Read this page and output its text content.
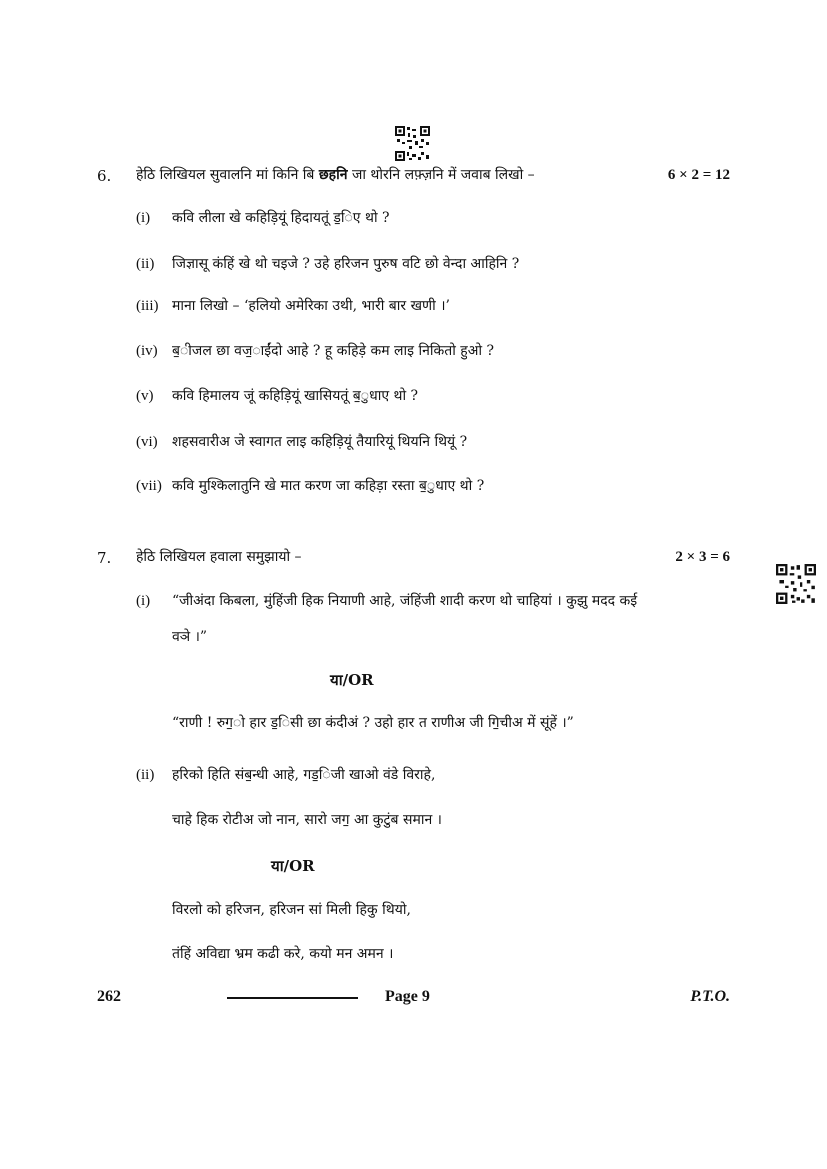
6. हेठि लिखियल सुवालनि मां किनि बि छहनि जा थोरनि लफ़्ज़नि में जवाब लिखो –	6 × 2 = 12
(i) कवि लीला खे कहिड़ियूं हिदायतूं ड॒िए थो ?
(ii) जिज्ञासू कंहिं खे थो चइजे ? उहे हरिजन पुरुष वटि छो वेन्दा आहिनि ?
(iii) माना लिखो – ‘हलियो अमेरिका उथी, भारी बार खणी ।’
(iv) ब॒ीजल छा वज॒ाईंदो आहे ? हू कहिड़े कम लाइ निकितो हुओ ?
(v) कवि हिमालय जूं कहिड़ियूं खासियतूं ब॒ुधाए थो ?
(vi) शहसवारीअ जे स्वागत लाइ कहिड़ियूं तैयारियूं थियनि थियूं ?
(vii) कवि मुश्किलातुनि खे मात करण जा कहिड़ा रस्ता ब॒ुधाए थो ?
7. हेठि लिखियल हवाला समुझायो –	2 × 3 = 6
(i) “जीअंदा किबला, मुंहिंजी हिक नियाणी आहे, जंहिंजी शादी करण थो चाहियां । कुझु मदद कई
वञे ।”
या/OR
“राणी ! रुग॒ो हार ड॒िसी छा कंदीअं ? उहो हार त राणीअ जी गि॒चीअ में सूंहें ।”
(ii) हरिको हिति संब॒न्धी आहे, गड॒िजी खाओ वंडे विराहे,
चाहे हिक रोटीअ जो नान, सारो जग॒ आ कुटुंब समान ।
या/OR
विरलो को हरिजन, हरिजन सां मिली हिकु थियो,
तंहिं अविद्या भ्रम कढी करे, कयो मन अमन ।
262	Page 9	P.T.O.
